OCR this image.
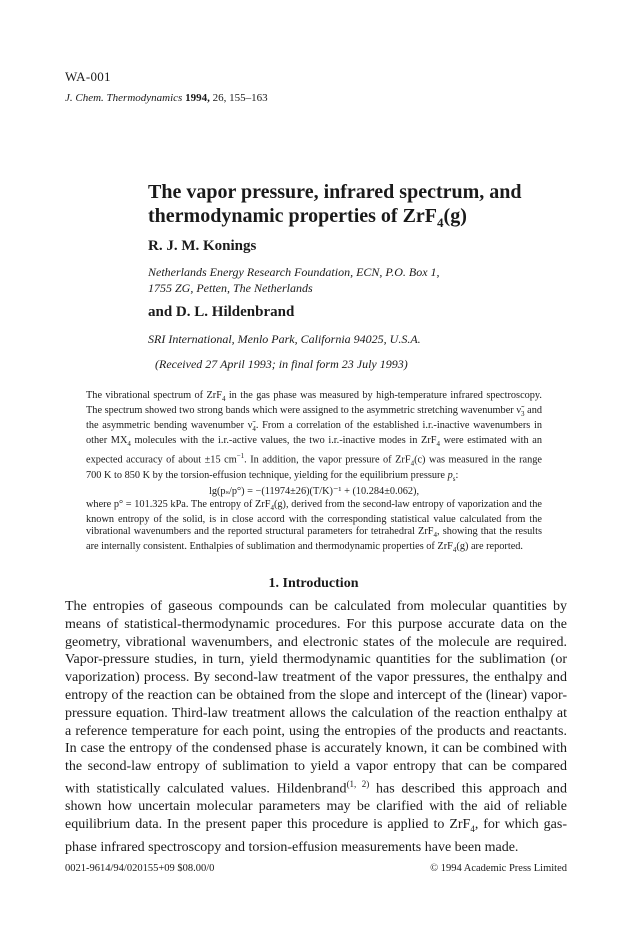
WA-001
J. Chem. Thermodynamics 1994, 26, 155–163
The vapor pressure, infrared spectrum, and
thermodynamic properties of ZrF$_4$(g)
R. J. M. Konings
Netherlands Energy Research Foundation, ECN, P.O. Box 1,
1755 ZG, Petten, The Netherlands
and D. L. Hildenbrand
SRI International, Menlo Park, California 94025, U.S.A.
(Received 27 April 1993; in final form 23 July 1993)

The vibrational spectrum of ZrF$_4$ in the gas phase was measured by high-temperature infrared spectroscopy. The spectrum showed two strong bands which were assigned to the asymmetric stretching wavenumber $\nũ_3$ and the asymmetric bending wavenumber $\nũ_4$. From a correlation of the established i.r.-inactive wavenumbers in other $MX_4$ molecules with the i.r.-active values, the two i.r.-inactive modes in ZrF$_4$ were estimated with an expected accuracy of about ±15 $cm^{-1}$. In addition, the vapor pressure of ZrF$_4$(c) was measured in the range 700 K to 850 K by the torsion-effusion technique, yielding for the equilibrium pressure $p_s$:

lg(pₛ/p°) = −(11974±26)(T/K)⁻¹ + (10.284±0.062),

where p° = 101.325 kPa. The entropy of ZrF$_4$(g), derived from the second-law entropy of vaporization and the known entropy of the solid, is in close accord with the corresponding statistical value calculated from the vibrational wavenumbers and the reported structural parameters for tetrahedral ZrF$_4$, showing that the results are internally consistent. Enthalpies of sublimation and thermodynamic properties of ZrF$_4$(g) are reported.

1. Introduction

The entropies of gaseous compounds can be calculated from molecular quantities by means of statistical-thermodynamic procedures. For this purpose accurate data on the geometry, vibrational wavenumbers, and electronic states of the molecule are required. Vapor-pressure studies, in turn, yield thermodynamic quantities for the sublimation (or vaporization) process. By second-law treatment of the vapor pressures, the enthalpy and entropy of the reaction can be obtained from the slope and intercept of the (linear) vapor-pressure equation. Third-law treatment allows the calculation of the reaction enthalpy at a reference temperature for each point, using the entropies of the products and reactants. In case the entropy of the condensed phase is accurately known, it can be combined with the second-law entropy of sublimation to yield a vapor entropy that can be compared with statistically calculated values. Hildenbrand$^{(1, 2)}$ has described this approach and shown how uncertain molecular parameters may be clarified with the aid of reliable equilibrium data. In the present paper this procedure is applied to ZrF$_4$, for which gas-phase infrared spectroscopy and torsion-effusion measurements have been made.

0021-9614/94/020155+09 $08.00/0	© 1994 Academic Press Limited
